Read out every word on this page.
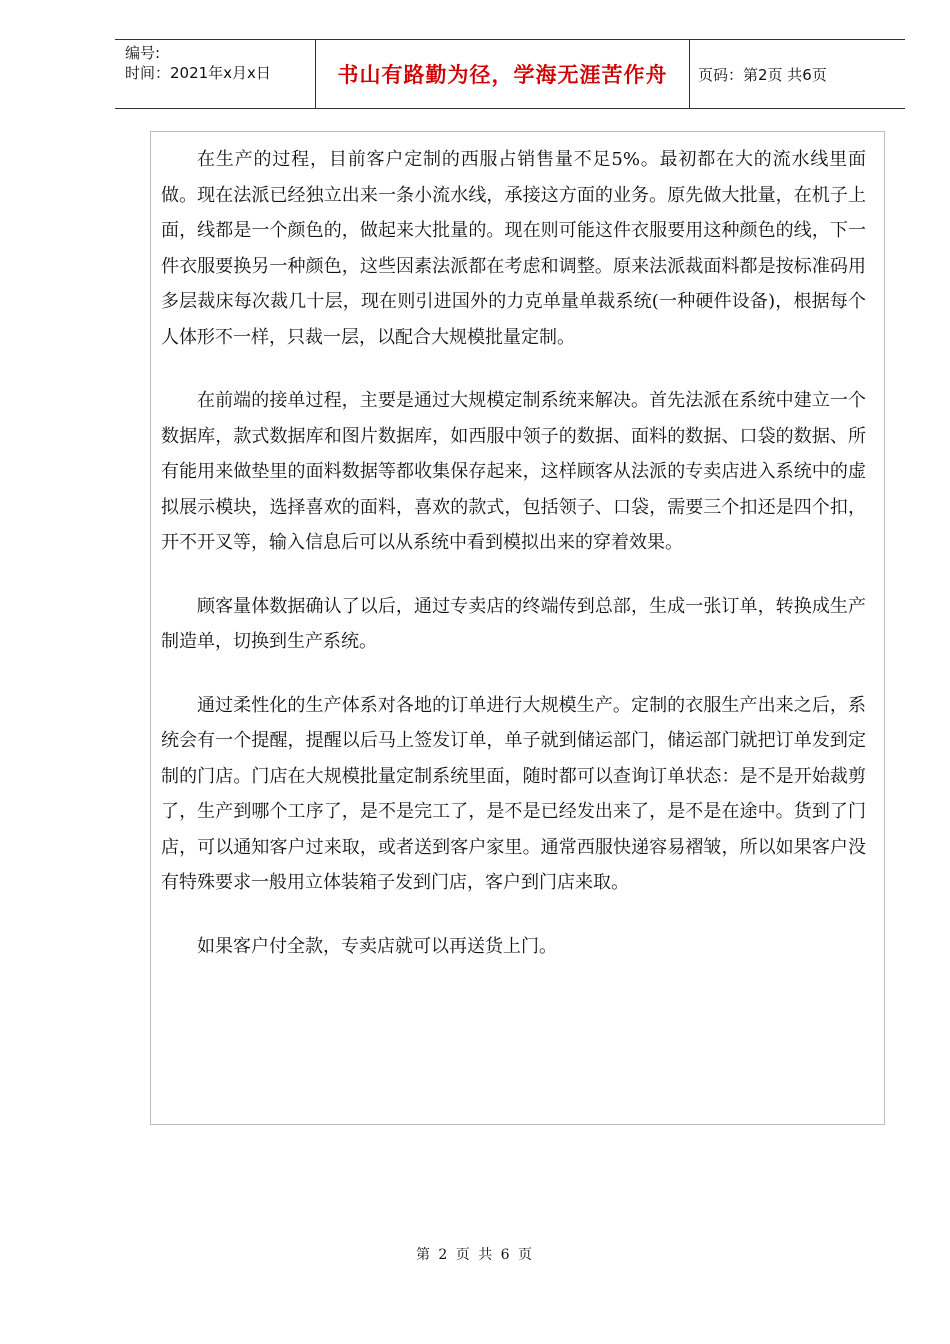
编号:
时间：2021年x月x日	书山有路勤为径，学海无涯苦作舟 页码：第2页 共6页

在生产的过程，目前客户定制的西服占销售量不足5%。最初都在大的流水线里面做。现在法派已经独立出来一条小流水线，承接这方面的业务。原先做大批量，在机子上面，线都是一个颜色的，做起来大批量的。现在则可能这件衣服要用这种颜色的线，下一件衣服要换另一种颜色，这些因素法派都在考虑和调整。原来法派裁面料都是按标准码用多层裁床每次裁几十层，现在则引进国外的力克单量单裁系统(一种硬件设备)，根据每个人体形不一样，只裁一层，以配合大规模批量定制。

在前端的接单过程，主要是通过大规模定制系统来解决。首先法派在系统中建立一个数据库，款式数据库和图片数据库，如西服中领子的数据、面料的数据、口袋的数据、所有能用来做垫里的面料数据等都收集保存起来，这样顾客从法派的专卖店进入系统中的虚拟展示模块，选择喜欢的面料，喜欢的款式，包括领子、口袋，需要三个扣还是四个扣，开不开叉等，输入信息后可以从系统中看到模拟出来的穿着效果。

顾客量体数据确认了以后，通过专卖店的终端传到总部，生成一张订单，转换成生产制造单，切换到生产系统。

通过柔性化的生产体系对各地的订单进行大规模生产。定制的衣服生产出来之后，系统会有一个提醒，提醒以后马上签发订单，单子就到储运部门，储运部门就把订单发到定制的门店。门店在大规模批量定制系统里面，随时都可以查询订单状态：是不是开始裁剪了，生产到哪个工序了，是不是完工了，是不是已经发出来了，是不是在途中。货到了门店，可以通知客户过来取，或者送到客户家里。通常西服快递容易褶皱，所以如果客户没有特殊要求一般用立体装箱子发到门店，客户到门店来取。

如果客户付全款，专卖店就可以再送货上门。

第 2 页 共 6 页
